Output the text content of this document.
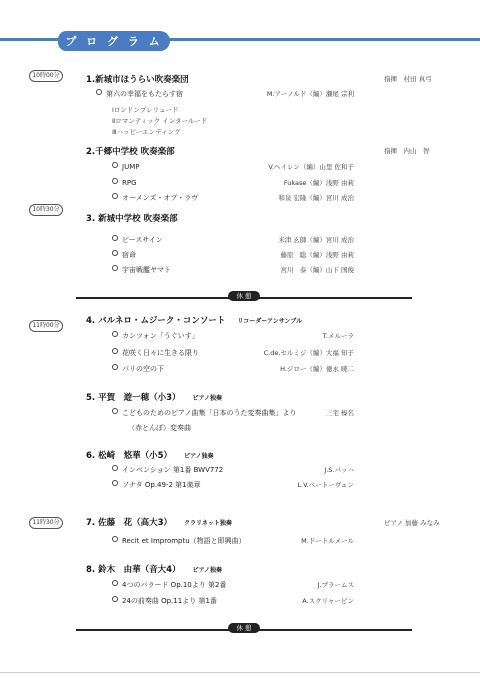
プ ロ グ ラ ム
10時00分
10時30分
11時00分
11時30分
1.新城市ほうらい吹奏楽団	指揮　村田 真弓
第六の幸福をもたらす宿	M.アーノルド（編）瀬尾 宗利
Ⅰロンドンプレリュード
Ⅱロマンティック インタールード
Ⅲハッピーエンディング
2.千郷中学校 吹奏楽部	指揮　内山　智
JUMP	V.ヘイレン（編）山里 佐和子
RPG	Fukase（編）浅野 由莉
オーメンズ・オブ・ラヴ	和泉 宏隆（編）宮川 成治
3. 新城中学校 吹奏楽部
ピースサイン	米津 玄師（編）宮川 成治
宿命	藤原　聡（編）浅野 由莉
宇宙戦艦ヤマト	宮川　泰（編）山下 国俊
休 憩
4. バルネロ・ムジーク・コンソート リコーダーアンサンブル
カンツォン「うぐいす」	T.メルーラ
花咲く日々に生きる限り	C.de.セルミジ（編）大福 知子
パリの空の下	H.ジロー（編）徳永 暁二
5. 平賀　遊一穂（小3） ピアノ独奏
こどものためのピアノ曲集「日本のうた変奏曲集」より	三宅 榛名
（赤とんぼ）変奏曲
6. 松崎　悠華（小5） ピアノ独奏
インベンション 第1番 BWV772	J.S.バッハ
ソナタ Op.49-2 第1楽章	L.V.ベートーヴェン
7. 佐藤　花（高大3） クラリネット独奏	ピアノ 加藤 みなみ
Recit et Impromptu（物語と即興曲）	M.ドートルメール
8. 鈴木　由華（音大4） ピアノ独奏
4つのバラード Op.10より 第2番	J.ブラームス
24の前奏曲 Op.11より 第1番	A.スクリャービン
休 憩
